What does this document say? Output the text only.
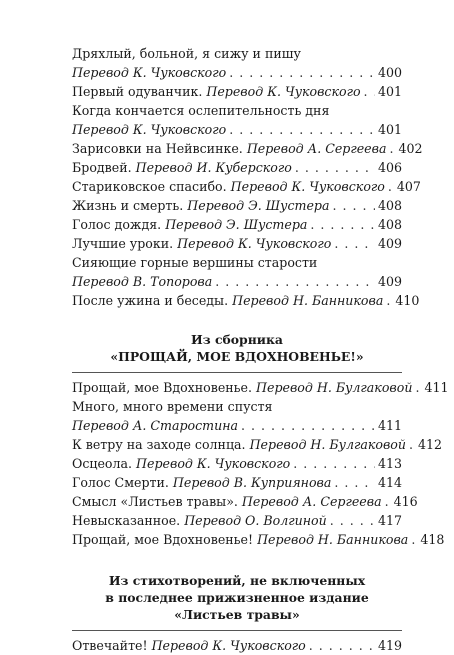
Дряхлый, больной, я сижу и пишу
Перевод К. Чуковского . . .	400
Первый одуванчик.
Перевод К. Чуковского . . . 401
Когда кончается ослепительность дня
Перевод К. Чуковского . . .	401
Зарисовки на Нейвсинке.
Перевод А. Сергеева . . . 402
Бродвей.
Перевод И. Куберского . . .	406
Стариковское спасибо.
Перевод К. Чуковского . . . 407
Жизнь и смерть.
Перевод Э. Шустера . . .	408
Голос дождя.
Перевод Э. Шустера . . .	408
Лучшие уроки.
Перевод К. Чуковского . . .	409
Сияющие горные вершины старости
Перевод В. Топорова . . .	409
После ужина и беседы.
Перевод Н. Банникова . . . 410
Из сборника
«ПРОЩАЙ, МОЕ ВДОХНОВЕНЬЕ!»
Прощай, мое Вдохновенье.
Перевод Н. Булгаковой . . . 411
Много, много времени спустя
Перевод А. Старостина . . .	411
К ветру на заходе солнца.
Перевод Н. Булгаковой . . . 412
Осцеола.
Перевод К. Чуковского . . .	413
Голос Смерти.
Перевод В. Куприянова . . .	414
Смысл «Листьев травы».
Перевод А. Сергеева . . . 416
Невысказанное.
Перевод О. Волгиной . . .	417
Прощай, мое Вдохновенье!
Перевод Н. Банникова . . . 418
Из стихотворений, не включенных
в последнее прижизненное издание
«Листьев травы»
Отвечайте!
Перевод К. Чуковского . . .	419
